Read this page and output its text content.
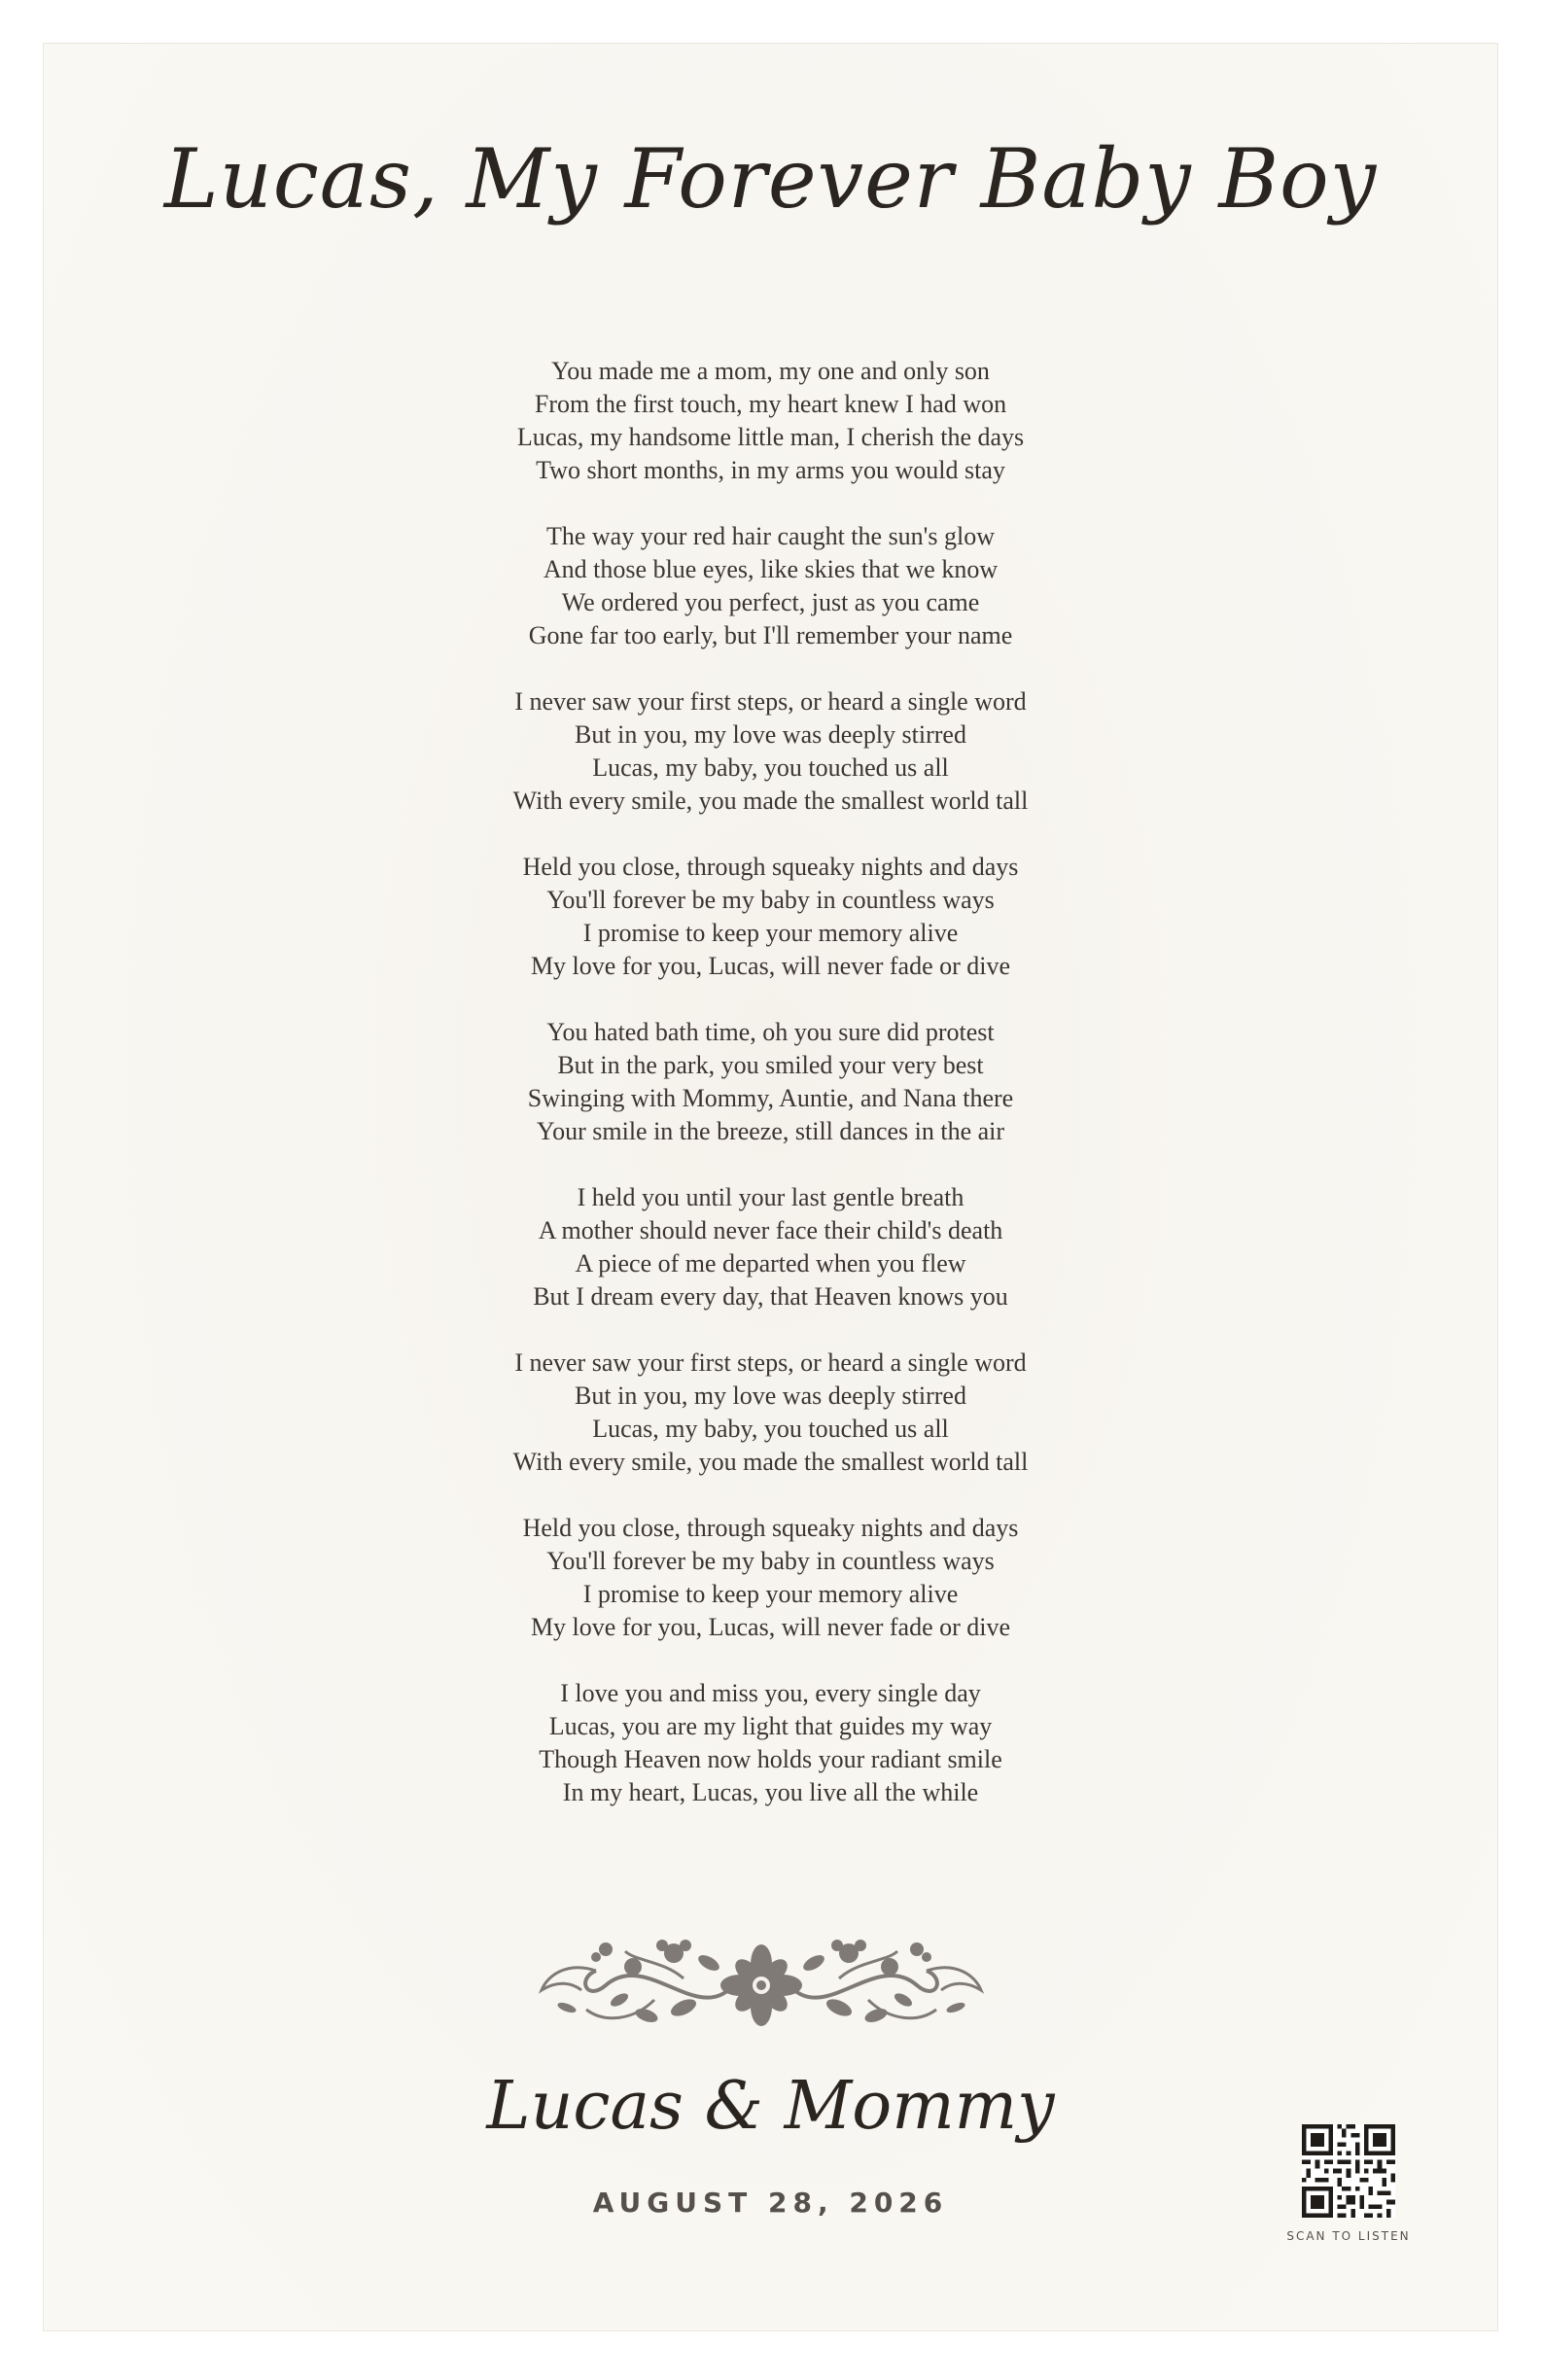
Lucas, My Forever Baby Boy
You made me a mom, my one and only son
From the first touch, my heart knew I had won
Lucas, my handsome little man, I cherish the days
Two short months, in my arms you would stay
The way your red hair caught the sun's glow
And those blue eyes, like skies that we know
We ordered you perfect, just as you came
Gone far too early, but I'll remember your name
I never saw your first steps, or heard a single word
But in you, my love was deeply stirred
Lucas, my baby, you touched us all
With every smile, you made the smallest world tall
Held you close, through squeaky nights and days
You'll forever be my baby in countless ways
I promise to keep your memory alive
My love for you, Lucas, will never fade or dive
You hated bath time, oh you sure did protest
But in the park, you smiled your very best
Swinging with Mommy, Auntie, and Nana there
Your smile in the breeze, still dances in the air
I held you until your last gentle breath
A mother should never face their child's death
A piece of me departed when you flew
But I dream every day, that Heaven knows you
I never saw your first steps, or heard a single word
But in you, my love was deeply stirred
Lucas, my baby, you touched us all
With every smile, you made the smallest world tall
Held you close, through squeaky nights and days
You'll forever be my baby in countless ways
I promise to keep your memory alive
My love for you, Lucas, will never fade or dive
I love you and miss you, every single day
Lucas, you are my light that guides my way
Though Heaven now holds your radiant smile
In my heart, Lucas, you live all the while
Lucas & Mommy
AUGUST 28, 2026
SCAN TO LISTEN
